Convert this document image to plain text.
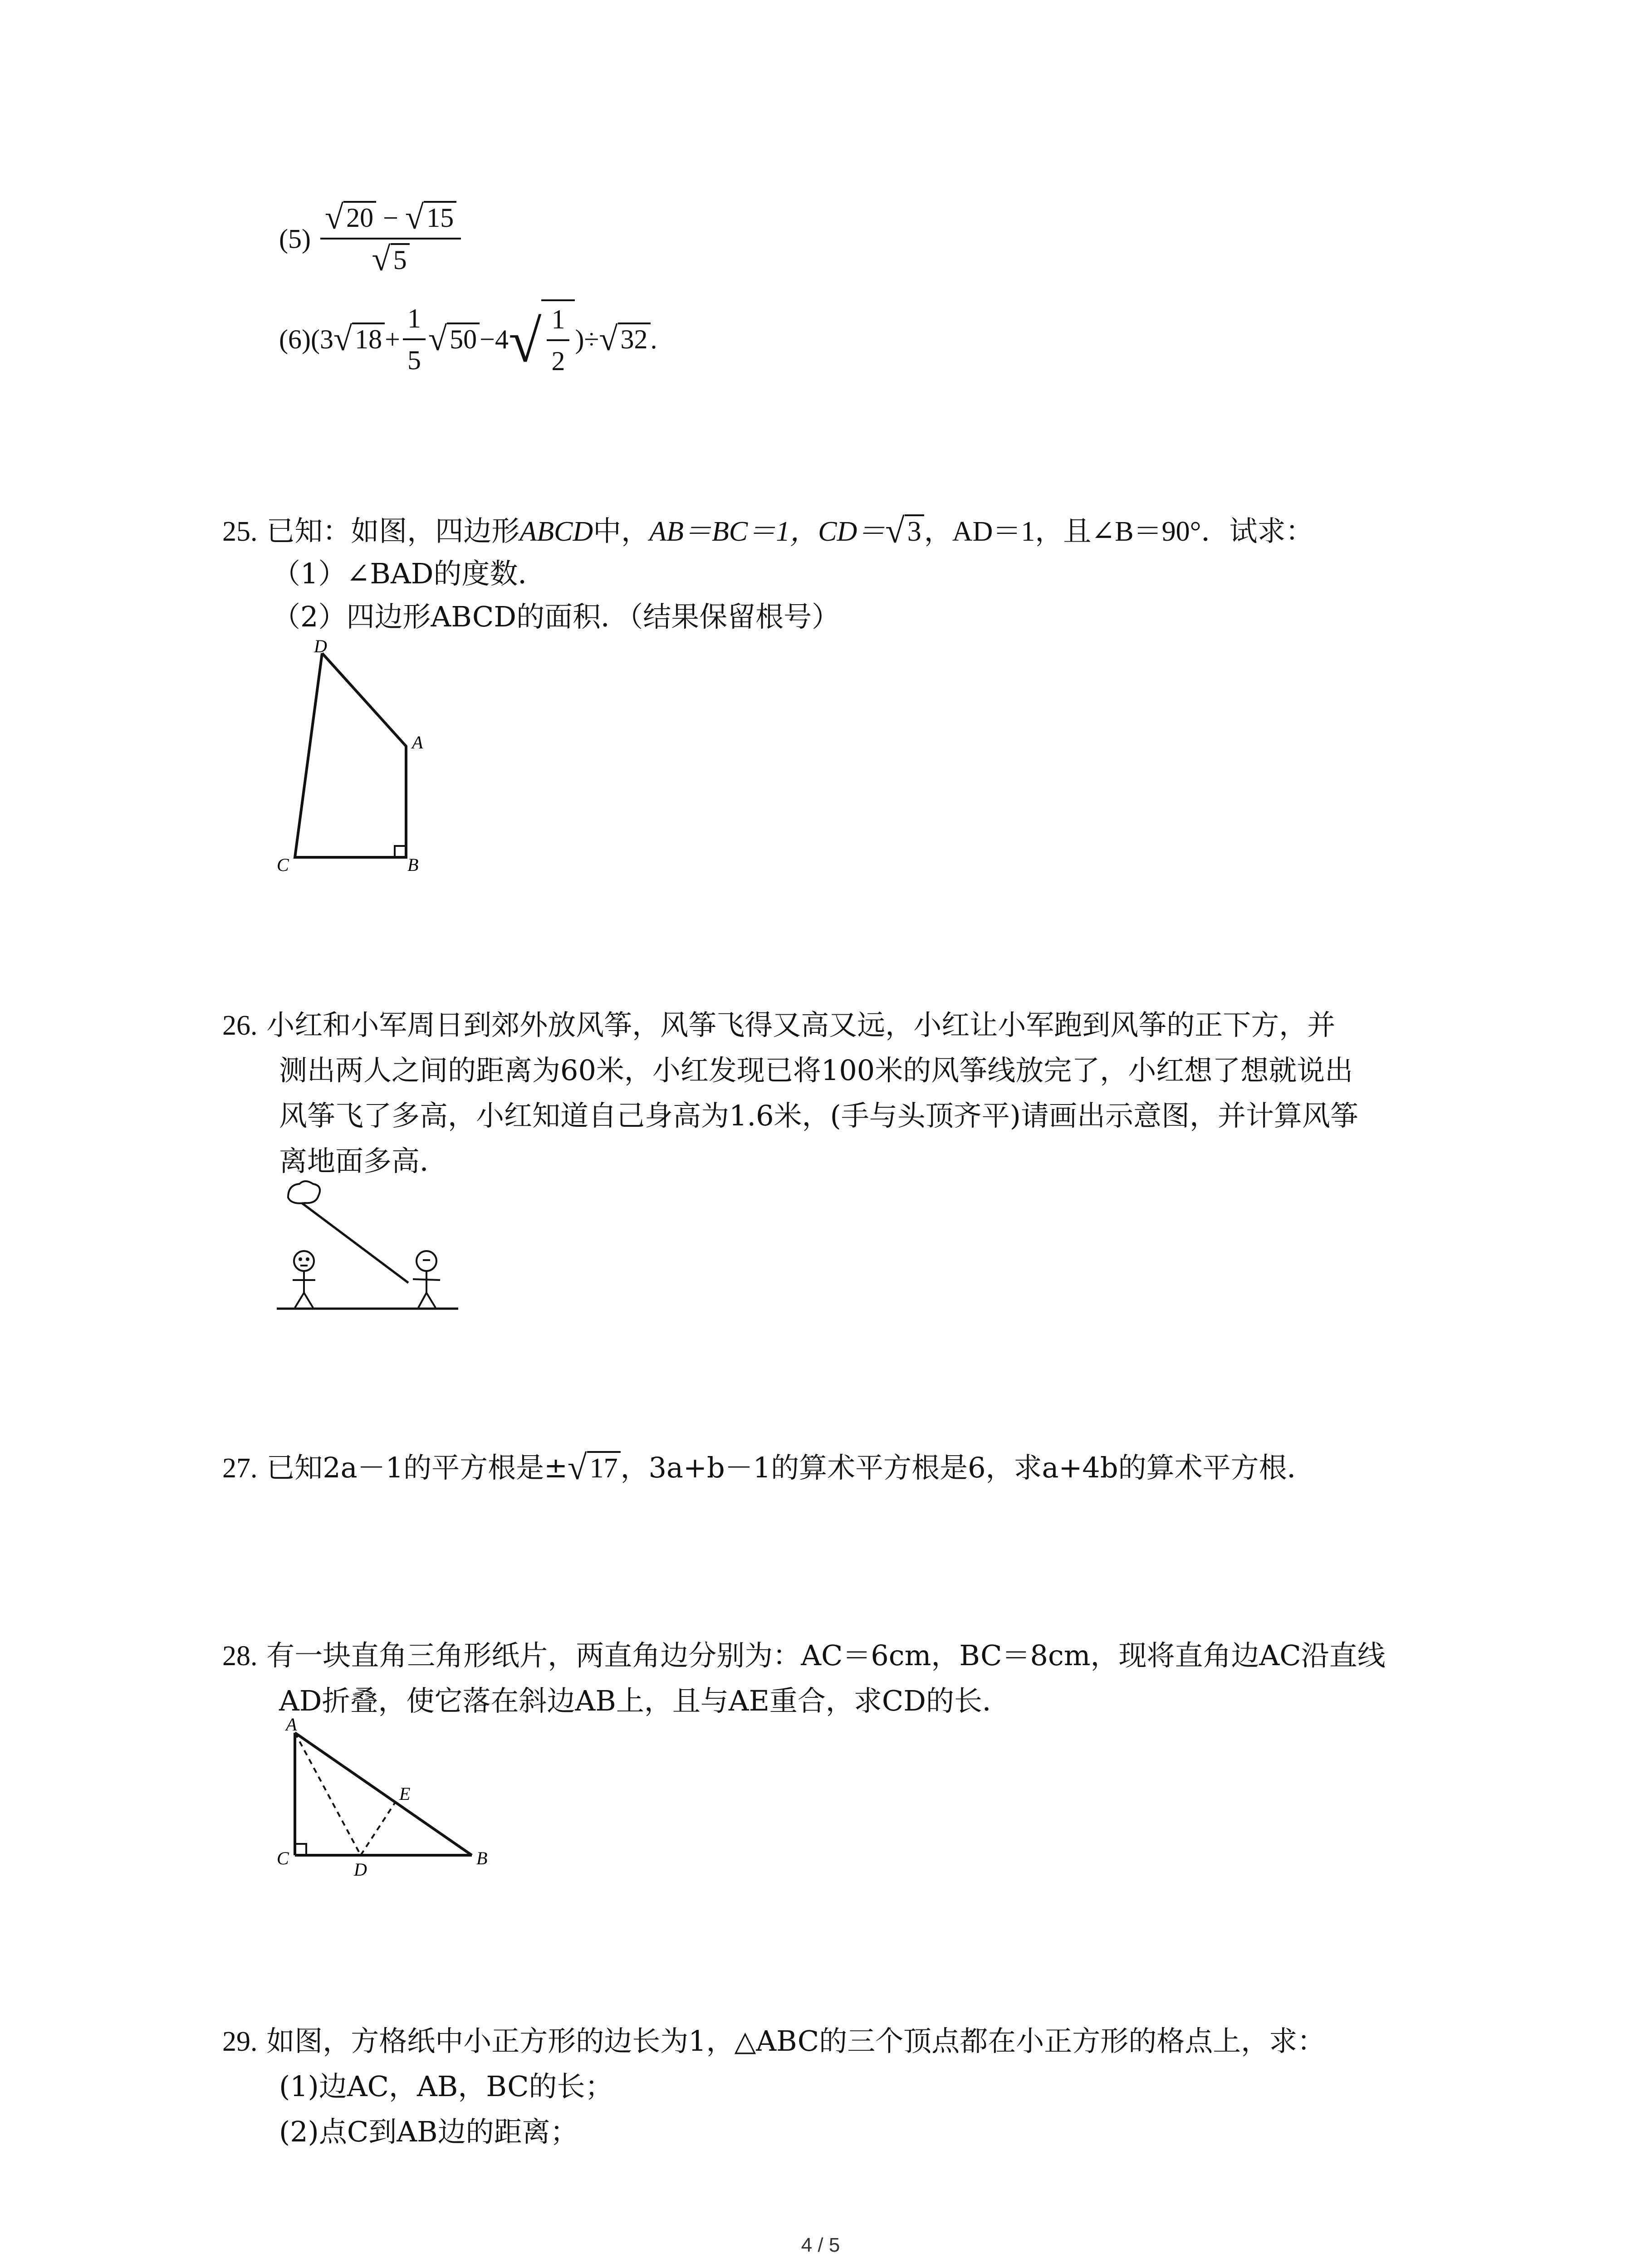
$(5) \frac{√ 20 - √ 15}{√ 5}$
(6)(3√ $18 + \frac{1}{5}$ √ $50 -4√ \frac{1}{2}$ )÷√ 32 .
25. 已知：如图，四边形ABCD中，AB＝BC＝1，CD＝√3，AD＝1，且∠B＝90°．试求：
（1）∠BAD的度数．
（2）四边形ABCD的面积．（结果保留根号）
D
A
C	B
26. 小红和小军周日到郊外放风筝，风筝飞得又高又远，小红让小军跑到风筝的正下方，并
测出两人之间的距离为60米，小红发现已将100米的风筝线放完了，小红想了想就说出
风筝飞了多高，小红知道自己身高为1.6米，(手与头顶齐平)请画出示意图，并计算风筝
离地面多高．
27. 已知2a－1的平方根是±√17，3a+b－1的算术平方根是6，求a+4b的算术平方根．
28. 有一块直角三角形纸片，两直角边分别为：AC＝6cm，BC＝8cm，现将直角边AC沿直线
AD折叠，使它落在斜边AB上，且与AE重合，求CD的长．
A
E
C
D
B
29. 如图，方格纸中小正方形的边长为1，△ABC的三个顶点都在小正方形的格点上，求：
(1)边AC，AB，BC的长；
(2)点C到AB边的距离；
4 / 5
